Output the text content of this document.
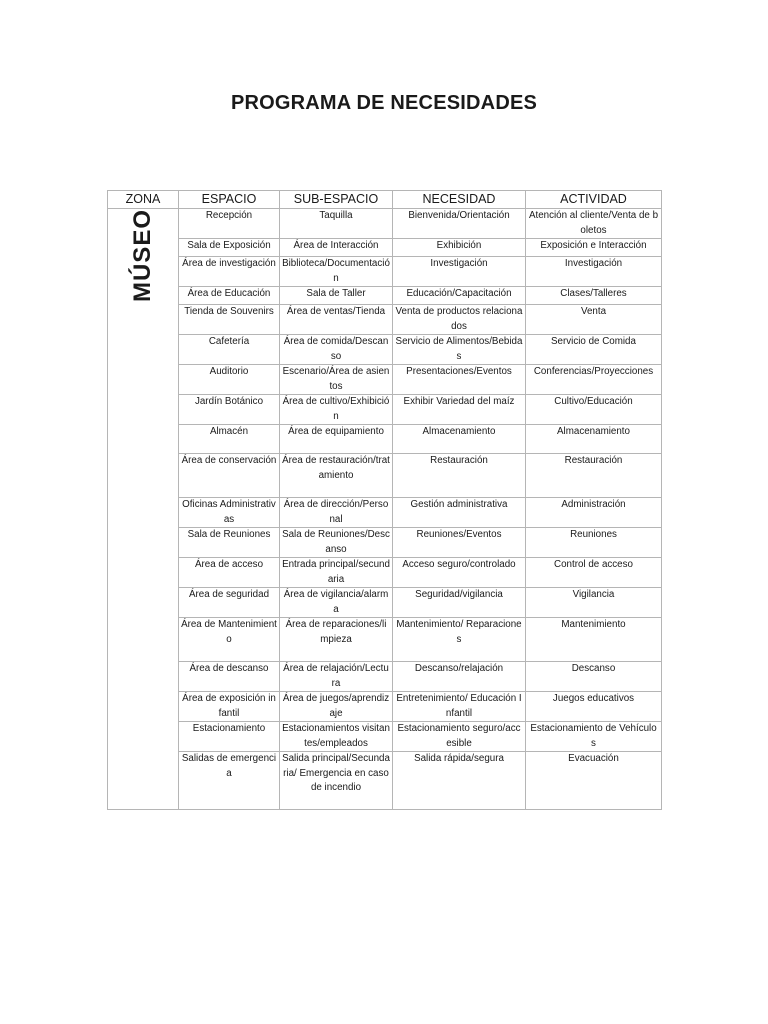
PROGRAMA DE NECESIDADES
ZONA	ESPACIO	SUB-ESPACIO	NECESIDAD	ACTIVIDAD

MÚSEO	Recepción	Taquilla	Bienvenida/Orientación	Atención al cliente/Venta de boletos
	Sala de Exposición	Área de Interacción	Exhibición	Exposición e Interacción
	Área de investigación	Biblioteca/Documentación	Investigación	Investigación
	Área de Educación	Sala de Taller	Educación/Capacitación	Clases/Talleres
	Tienda de Souvenirs	Área de ventas/Tienda	Venta de productos relacionados	Venta
	Cafetería	Área de comida/Descanso	Servicio de Alimentos/Bebidas	Servicio de Comida
	Auditorio	Escenario/Área de asientos	Presentaciones/Eventos	Conferencias/Proyecciones
	Jardín Botánico	Área de cultivo/Exhibición	Exhibir Variedad del maíz	Cultivo/Educación
	Almacén	Área de equipamiento	Almacenamiento	Almacenamiento
	Área de conservación	Área de restauración/tratamiento	Restauración	Restauración
	Oficinas Administrativas	Área de dirección/Personal	Gestión administrativa	Administración
	Sala de Reuniones	Sala de Reuniones/Descanso	Reuniones/Eventos	Reuniones
	Área de acceso	Entrada principal/secundaria	Acceso seguro/controlado	Control de acceso
	Área de seguridad	Área de vigilancia/alarma	Seguridad/vigilancia	Vigilancia
	Área de Mantenimiento	Área de reparaciones/limpieza	Mantenimiento/ Reparaciones	Mantenimiento
	Área de descanso	Área de relajación/Lectura	Descanso/relajación	Descanso
	Área de exposición infantil	Área de juegos/aprendizaje	Entretenimiento/ Educación Infantil	Juegos educativos
	Estacionamiento	Estacionamientos visitantes/empleados	Estacionamiento seguro/accesible	Estacionamiento de Vehículos
	Salidas de emergencia	Salida principal/Secundaria/ Emergencia en caso de incendio	Salida rápida/segura	Evacuación
